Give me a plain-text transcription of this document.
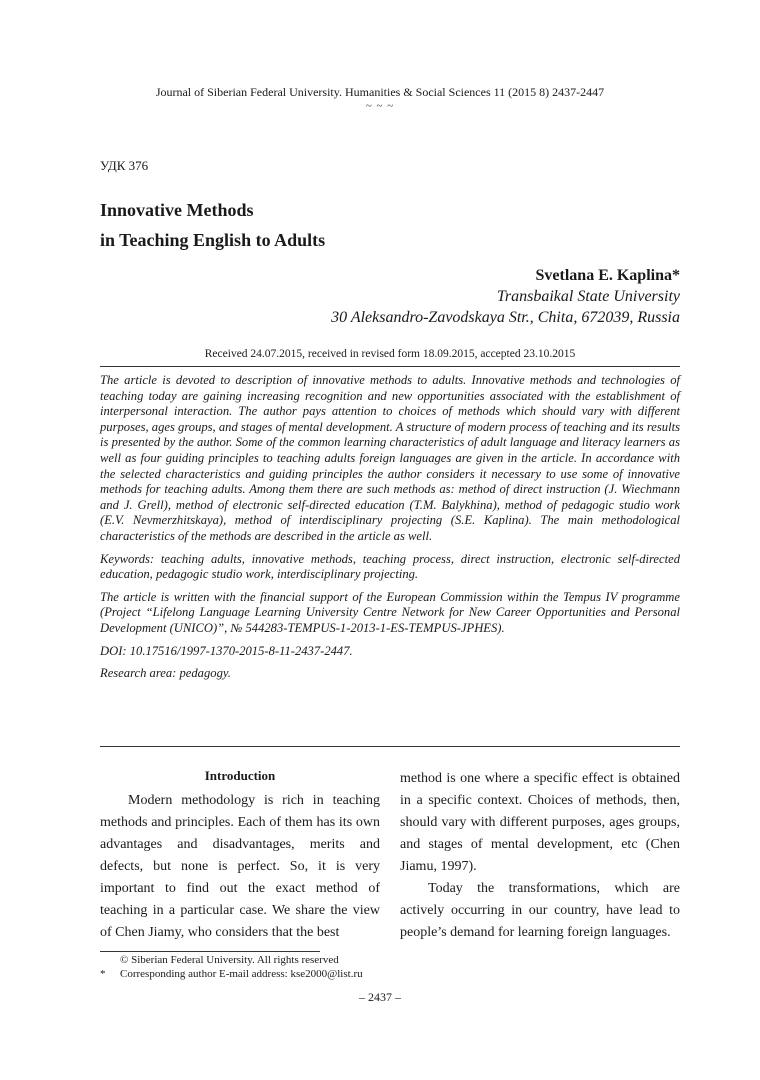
Journal of Siberian Federal University. Humanities & Social Sciences 11 (2015 8) 2437-2447
~ ~ ~
УДК 376
Innovative Methods
in Teaching English to Adults
Svetlana E. Kaplina*
Transbaikal State University
30 Aleksandro-Zavodskaya Str., Chita, 672039, Russia
Received 24.07.2015, received in revised form 18.09.2015, accepted 23.10.2015

The article is devoted to description of innovative methods to adults. Innovative methods and technologies of teaching today are gaining increasing recognition and new opportunities associated with the establishment of interpersonal interaction. The author pays attention to choices of methods which should vary with different purposes, ages groups, and stages of mental development. A structure of modern process of teaching and its results is presented by the author. Some of the common learning characteristics of adult language and literacy learners as well as four guiding principles to teaching adults foreign languages are given in the article. In accordance with the selected characteristics and guiding principles the author considers it necessary to use some of innovative methods for teaching adults. Among them there are such methods as: method of direct instruction (J. Wiechmann and J. Grell), method of electronic self-directed education (T.M. Balykhina), method of pedagogic studio work (E.V. Nevmerzhitskaya), method of interdisciplinary projecting (S.E. Kaplina). The main methodological characteristics of the methods are described in the article as well.

Keywords: teaching adults, innovative methods, teaching process, direct instruction, electronic self-directed education, pedagogic studio work, interdisciplinary projecting.

The article is written with the financial support of the European Commission within the Tempus IV programme (Project “Lifelong Language Learning University Centre Network for New Career Opportunities and Personal Development (UNICO)”, № 544283-TEMPUS-1-2013-1-ES-TEMPUS-JPHES).

DOI: 10.17516/1997-1370-2015-8-11-2437-2447.

Research area: pedagogy.

Introduction

Modern methodology is rich in teaching methods and principles. Each of them has its own advantages and disadvantages, merits and defects, but none is perfect. So, it is very important to find out the exact method of teaching in a particular case. We share the view of Chen Jiamy, who considers that the best

method is one where a specific effect is obtained in a specific context. Choices of methods, then, should vary with different purposes, ages groups, and stages of mental development, etc (Chen Jiamu, 1997).

Today the transformations, which are actively occurring in our country, have lead to people’s demand for learning foreign languages.

© Siberian Federal University. All rights reserved
*	Corresponding author E-mail address: kse2000@list.ru
– 2437 –
